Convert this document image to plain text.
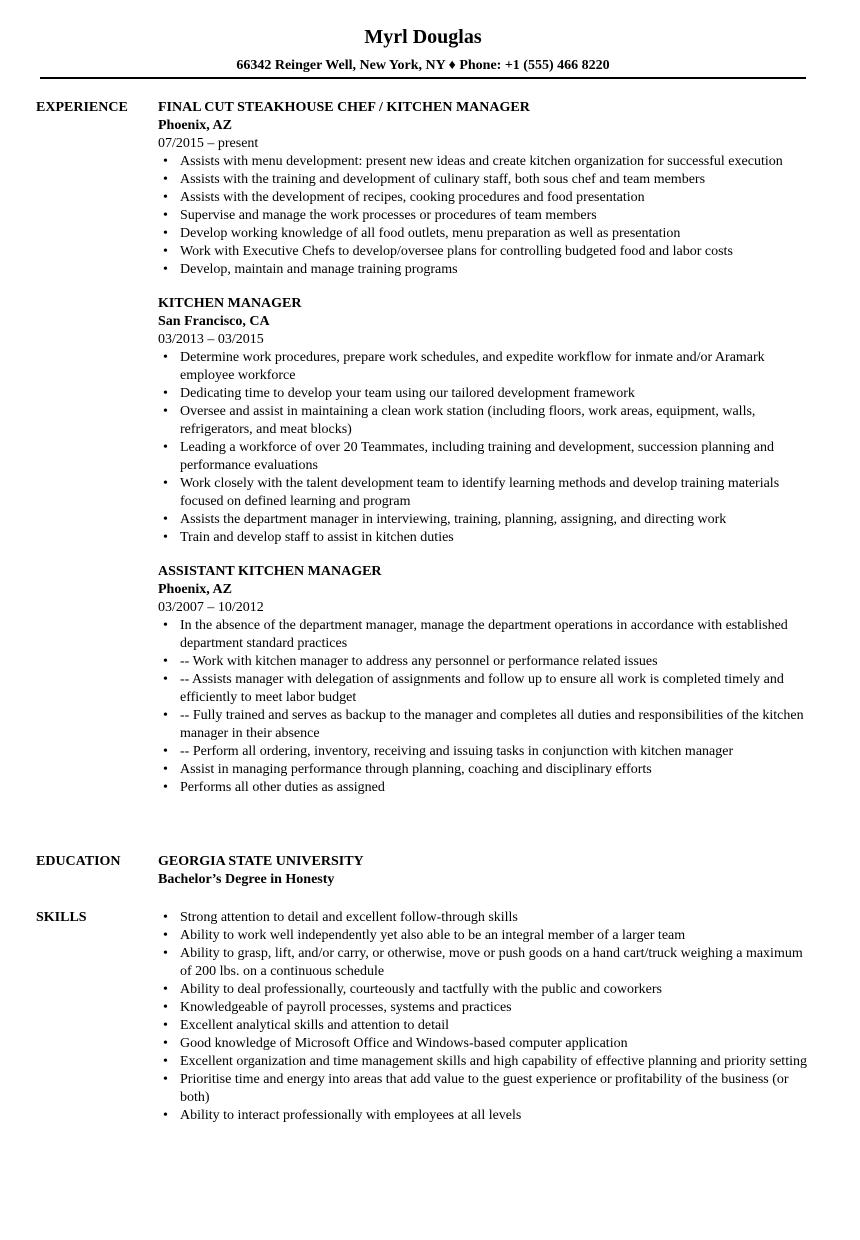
Myrl Douglas
66342 Reinger Well, New York, NY ♦ Phone: +1 (555) 466 8220
EXPERIENCE FINAL CUT STEAKHOUSE CHEF / KITCHEN MANAGER
Phoenix, AZ
07/2015 – present
• Assists with menu development: present new ideas and create kitchen organization for successful execution
• Assists with the training and development of culinary staff, both sous chef and team members
• Assists with the development of recipes, cooking procedures and food presentation
• Supervise and manage the work processes or procedures of team members
• Develop working knowledge of all food outlets, menu preparation as well as presentation
• Work with Executive Chefs to develop/oversee plans for controlling budgeted food and labor costs
• Develop, maintain and manage training programs
KITCHEN MANAGER
San Francisco, CA
03/2013 – 03/2015
• Determine work procedures, prepare work schedules, and expedite workflow for inmate and/or Aramark employee workforce
• Dedicating time to develop your team using our tailored development framework
• Oversee and assist in maintaining a clean work station (including floors, work areas, equipment, walls, refrigerators, and meat blocks)
• Leading a workforce of over 20 Teammates, including training and development, succession planning and performance evaluations
• Work closely with the talent development team to identify learning methods and develop training materials focused on defined learning and program
• Assists the department manager in interviewing, training, planning, assigning, and directing work
• Train and develop staff to assist in kitchen duties
ASSISTANT KITCHEN MANAGER
Phoenix, AZ
03/2007 – 10/2012
• In the absence of the department manager, manage the department operations in accordance with established department standard practices
• -- Work with kitchen manager to address any personnel or performance related issues
• -- Assists manager with delegation of assignments and follow up to ensure all work is completed timely and efficiently to meet labor budget
• -- Fully trained and serves as backup to the manager and completes all duties and responsibilities of the kitchen manager in their absence
• -- Perform all ordering, inventory, receiving and issuing tasks in conjunction with kitchen manager
• Assist in managing performance through planning, coaching and disciplinary efforts
• Performs all other duties as assigned
EDUCATION	GEORGIA STATE UNIVERSITY
Bachelor’s Degree in Honesty
SKILLS
•	Strong attention to detail and excellent follow-through skills
• Ability to work well independently yet also able to be an integral member of a larger team
• Ability to grasp, lift, and/or carry, or otherwise, move or push goods on a hand cart/truck weighing a maximum of 200 lbs. on a continuous schedule
• Ability to deal professionally, courteously and tactfully with the public and coworkers
• Knowledgeable of payroll processes, systems and practices
• Excellent analytical skills and attention to detail
• Good knowledge of Microsoft Office and Windows-based computer application
• Excellent organization and time management skills and high capability of effective planning and priority setting
• Prioritise time and energy into areas that add value to the guest experience or profitability of the business (or both)
• Ability to interact professionally with employees at all levels
